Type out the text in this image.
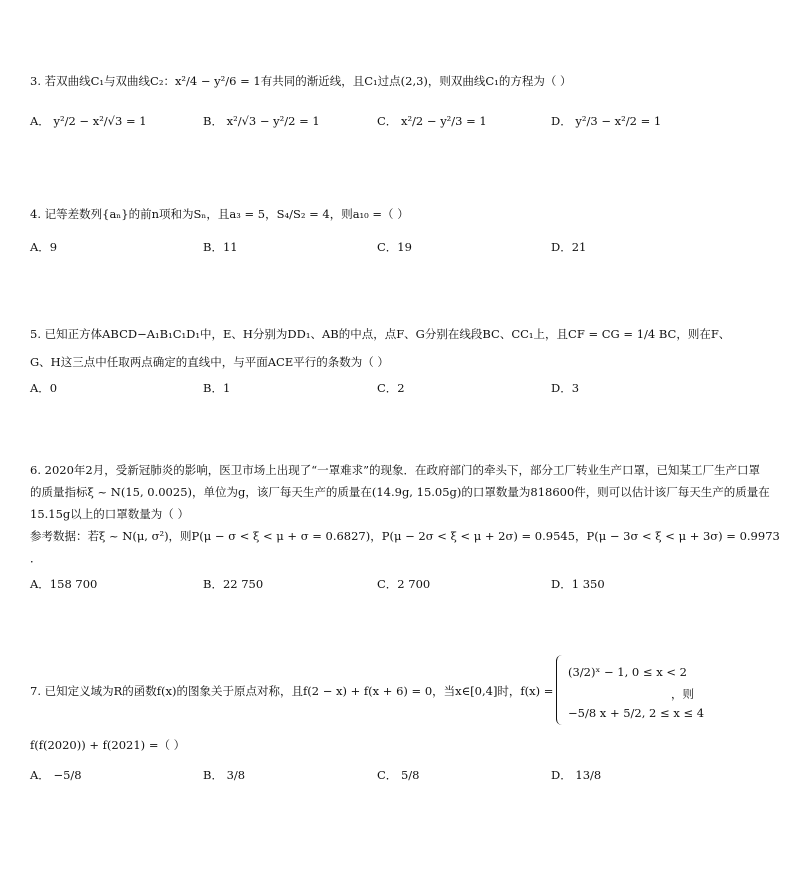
3. 若双曲线C₁与双曲线C₂：x²/4 − y²/6 = 1有共同的渐近线，且C₁过点(2,3)，则双曲线C₁的方程为（ ）
A． y²/2 − x²/√3 = 1	B． x²/√3 − y²/2 = 1	C． x²/2 − y²/3 = 1	D． y²/3 − x²/2 = 1
4. 记等差数列{aₙ}的前n项和为Sₙ，且a₃ = 5，S₄/S₂ = 4，则a₁₀ =（ ）
A．9	B．11	C．19	D．21
5. 已知正方体ABCD−A₁B₁C₁D₁中，E、H分别为DD₁、AB的中点，点F、G分别在线段BC、CC₁上，且CF = CG = 1/4 BC，则在F、
G、H这三点中任取两点确定的直线中，与平面ACE平行的条数为（ ）
A．0	B．1	C．2	D．3
6. 2020年2月，受新冠肺炎的影响，医卫市场上出现了“一罩难求”的现象．在政府部门的牵头下，部分工厂转业生产口罩，已知某工厂生产口罩
的质量指标ξ ~ N(15, 0.0025)，单位为g，该厂每天生产的质量在(14.9g, 15.05g)的口罩数量为818600件，则可以估计该厂每天生产的质量在
15.15g以上的口罩数量为（ ）
参考数据：若ξ ~ N(μ, σ²)，则P(μ − σ < ξ < μ + σ = 0.6827)，P(μ − 2σ < ξ < μ + 2σ) = 0.9545，P(μ − 3σ < ξ < μ + 3σ) = 0.9973
．
A．158 700	B．22 750	C．2 700	D．1 350
7. 已知定义域为R的函数f(x)的图象关于原点对称，且f(2 − x) + f(x + 6) = 0，当x∈[0,4]时，f(x) =
(3/2)ˣ − 1, 0 ≤ x < 2
−5/8 x + 5/2, 2 ≤ x ≤ 4
，则
f(f(2020)) + f(2021) =（ ）
A． −5/8	B． 3/8	C． 5/8	D． 13/8
